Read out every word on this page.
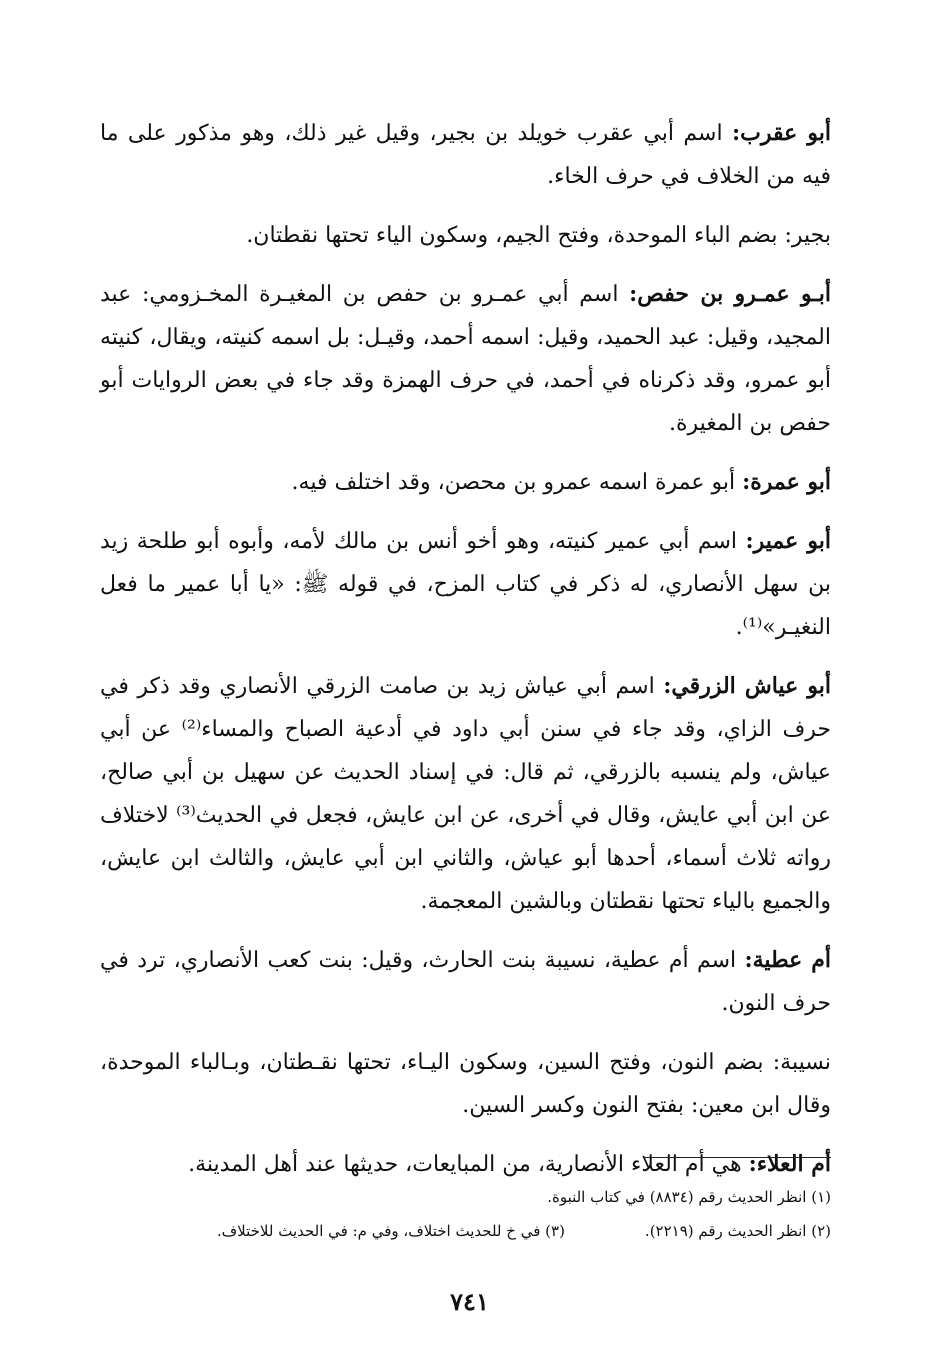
أبو عقرب: اسم أبي عقرب خويلد بن بجير، وقيل غير ذلك، وهو مذكور على ما فيه من الخلاف في حرف الخاء.

بجير: بضم الباء الموحدة، وفتح الجيم، وسكون الياء تحتها نقطتان.

أبـو عمـرو بن حفص: اسم أبي عمـرو بن حفص بن المغيـرة المخـزومي: عبد المجيد، وقيل: عبد الحميد، وقيل: اسمه أحمد، وقيـل: بل اسمه كنيته، ويقال، كنيته أبو عمرو، وقد ذكرناه في أحمد، في حرف الهمزة وقد جاء في بعض الروايات أبو حفص بن المغيرة.

أبو عمرة: أبو عمرة اسمه عمرو بن محصن، وقد اختلف فيه.

أبو عمير: اسم أبي عمير كنيته، وهو أخو أنس بن مالك لأمه، وأبوه أبو طلحة زيد بن سهل الأنصاري، له ذكر في كتاب المزح، في قوله ﷺ: «يا أبا عمير ما فعل النغيـر»⁽¹⁾.

أبو عياش الزرقي: اسم أبي عياش زيد بن صامت الزرقي الأنصاري وقد ذكر في حرف الزاي، وقد جاء في سنن أبي داود في أدعية الصباح والمساء⁽²⁾ عن أبي عياش، ولم ينسبه بالزرقي، ثم قال: في إسناد الحديث عن سهيل بن أبي صالح، عن ابن أبي عايش، وقال في أخرى، عن ابن عايش، فجعل في الحديث⁽³⁾ لاختلاف رواته ثلاث أسماء، أحدها أبو عياش، والثاني ابن أبي عايش، والثالث ابن عايش، والجميع بالياء تحتها نقطتان وبالشين المعجمة.

أم عطية: اسم أم عطية، نسيبة بنت الحارث، وقيل: بنت كعب الأنصاري، ترد في حرف النون.

نسيبة: بضم النون، وفتح السين، وسكون اليـاء، تحتها نقـطتان، وبـالباء الموحدة، وقال ابن معين: بفتح النون وكسر السين.

أم العلاء: هي أم العلاء الأنصارية، من المبايعات، حديثها عند أهل المدينة.

(١) انظر الحديث رقم (٨٨٣٤) في كتاب النبوة.
(٢) انظر الحديث رقم (٢٢١٩).
(٣) في خ للحديث اختلاف، وفي م: في الحديث للاختلاف.
٧٤١
